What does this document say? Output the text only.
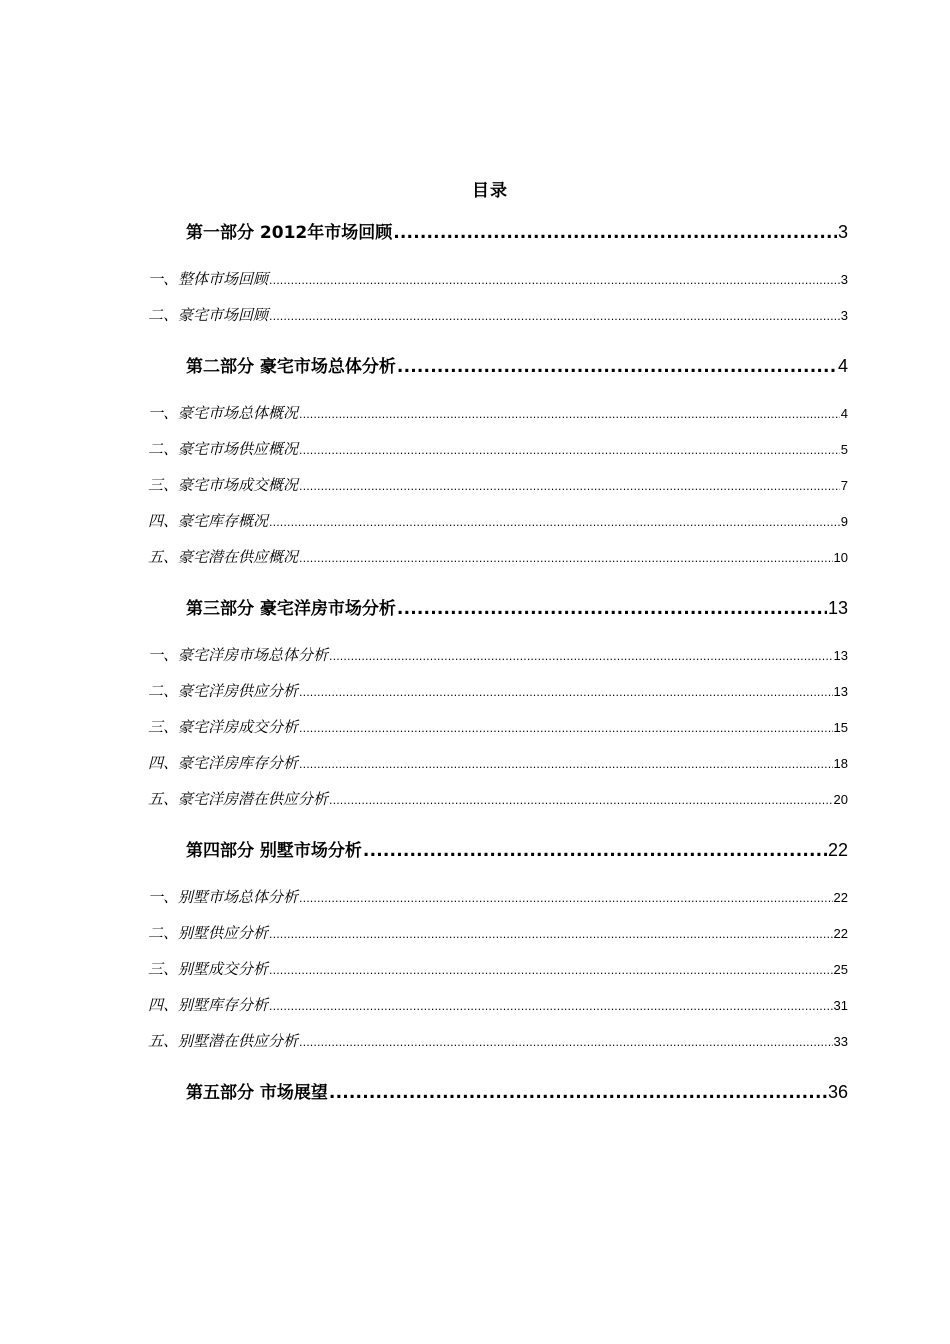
目录
第一部分 2012年市场回顾 .....	3
一、整体市场回顾 .....	3
二、豪宅市场回顾 .....	3
第二部分 豪宅市场总体分析 .....	4
一、豪宅市场总体概况 .....	4
二、豪宅市场供应概况 .....	5
三、豪宅市场成交概况 .....	7
四、豪宅库存概况 .....	9
五、豪宅潜在供应概况 .....	10
第三部分 豪宅洋房市场分析 .....	13
一、豪宅洋房市场总体分析 .....	13
二、豪宅洋房供应分析 .....	13
三、豪宅洋房成交分析 .....	15
四、豪宅洋房库存分析 .....	18
五、豪宅洋房潜在供应分析 .....	20
第四部分 别墅市场分析 .....	22
一、别墅市场总体分析 .....	22
二、别墅供应分析 .....	22
三、别墅成交分析 .....	25
四、别墅库存分析 .....	31
五、别墅潜在供应分析 .....	33
第五部分 市场展望 .....	36
